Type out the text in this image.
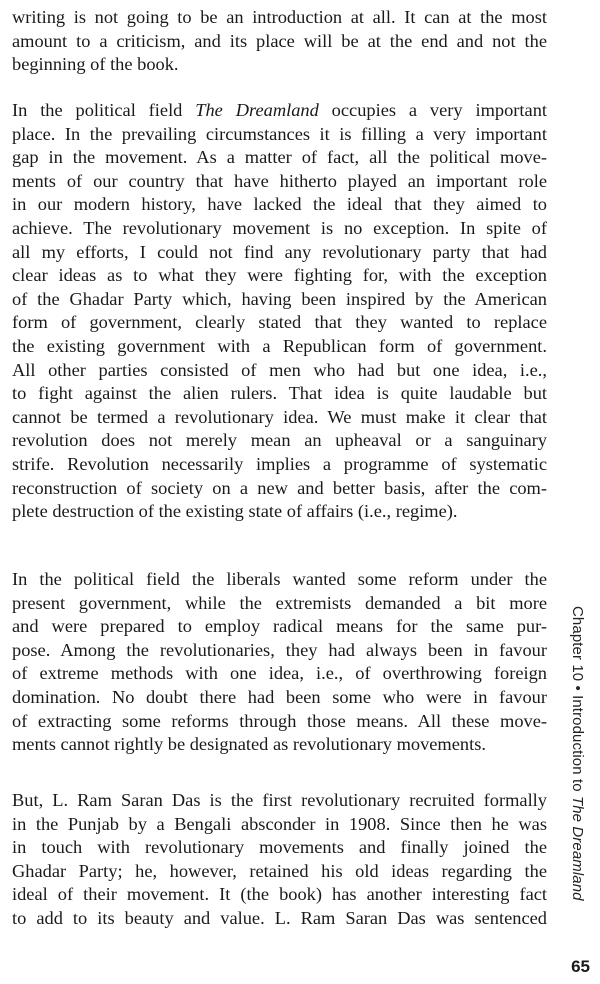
writing is not going to be an introduction at all. It can at the most
amount to a criticism, and its place will be at the end and not the
beginning of the book.
In the political field The Dreamland occupies a very important
place. In the prevailing circumstances it is filling a very important
gap in the movement. As a matter of fact, all the political move-
ments of our country that have hitherto played an important role
in our modern history, have lacked the ideal that they aimed to
achieve. The revolutionary movement is no exception. In spite of
all my efforts, I could not find any revolutionary party that had
clear ideas as to what they were fighting for, with the exception
of the Ghadar Party which, having been inspired by the American
form of government, clearly stated that they wanted to replace
the existing government with a Republican form of government.
All other parties consisted of men who had but one idea, i.e.,
to fight against the alien rulers. That idea is quite laudable but
cannot be termed a revolutionary idea. We must make it clear that
revolution does not merely mean an upheaval or a sanguinary
strife. Revolution necessarily implies a programme of systematic
reconstruction of society on a new and better basis, after the com-
plete destruction of the existing state of affairs (i.e., regime).
In the political field the liberals wanted some reform under the
present government, while the extremists demanded a bit more
and were prepared to employ radical means for the same pur-
pose. Among the revolutionaries, they had always been in favour
of extreme methods with one idea, i.e., of overthrowing foreign
domination. No doubt there had been some who were in favour
of extracting some reforms through those means. All these move-
ments cannot rightly be designated as revolutionary movements.
But, L. Ram Saran Das is the first revolutionary recruited formally
in the Punjab by a Bengali absconder in 1908. Since then he was
in touch with revolutionary movements and finally joined the
Ghadar Party; he, however, retained his old ideas regarding the
ideal of their movement. It (the book) has another interesting fact
to add to its beauty and value. L. Ram Saran Das was sentenced
Chapter 10 • Introduction to The Dreamland
65
